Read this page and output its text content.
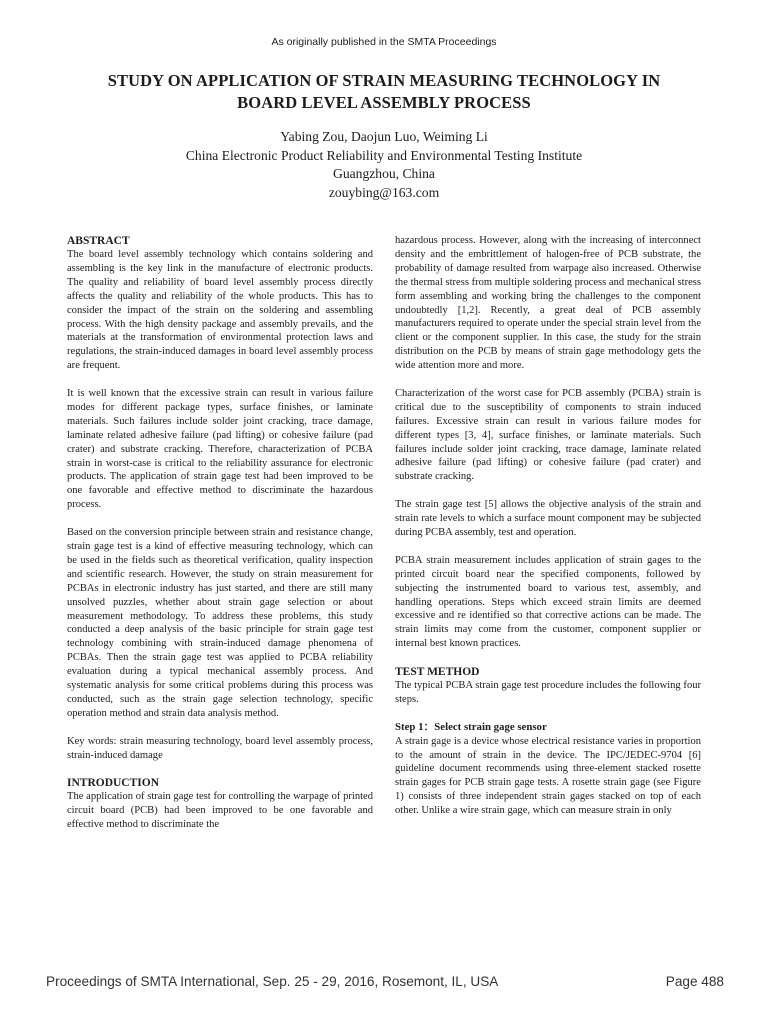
As originally published in the SMTA Proceedings
STUDY ON APPLICATION OF STRAIN MEASURING TECHNOLOGY IN
BOARD LEVEL ASSEMBLY PROCESS
Yabing Zou, Daojun Luo, Weiming Li
China Electronic Product Reliability and Environmental Testing Institute
Guangzhou, China
zouybing@163.com
ABSTRACT

The board level assembly technology which contains soldering and assembling is the key link in the manufacture of electronic products. The quality and reliability of board level assembly process directly affects the quality and reliability of the whole products. This has to consider the impact of the strain on the soldering and assembling process. With the high density package and assembly prevails, and the materials at the transformation of environmental protection laws and regulations, the strain-induced damages in board level assembly process are frequent.

It is well known that the excessive strain can result in various failure modes for different package types, surface finishes, or laminate materials. Such failures include solder joint cracking, trace damage, laminate related adhesive failure (pad lifting) or cohesive failure (pad crater) and substrate cracking. Therefore, characterization of PCBA strain in worst-case is critical to the reliability assurance for electronic products. The application of strain gage test had been improved to be one favorable and effective method to discriminate the hazardous process.

Based on the conversion principle between strain and resistance change, strain gage test is a kind of effective measuring technology, which can be used in the fields such as theoretical verification, quality inspection and scientific research. However, the study on strain measurement for PCBAs in electronic industry has just started, and there are still many unsolved puzzles, whether about strain gage selection or about measurement methodology. To address these problems, this study conducted a deep analysis of the basic principle for strain gage test technology combining with strain-induced damage phenomena of PCBAs. Then the strain gage test was applied to PCBA reliability evaluation during a typical mechanical assembly process. And systematic analysis for some critical problems during this process was conducted, such as the strain gage selection technology, specific operation method and strain data analysis method.

Key words: strain measuring technology, board level assembly process, strain-induced damage

INTRODUCTION

The application of strain gage test for controlling the warpage of printed circuit board (PCB) had been improved to be one favorable and effective method to discriminate the

hazardous process. However, along with the increasing of interconnect density and the embrittlement of halogen-free of PCB substrate, the probability of damage resulted from warpage also increased. Otherwise the thermal stress from multiple soldering process and mechanical stress form assembling and working bring the challenges to the component undoubtedly [1,2]. Recently, a great deal of PCB assembly manufacturers required to operate under the special strain level from the client or the component supplier. In this case, the study for the strain distribution on the PCB by means of strain gage methodology gets the wide attention more and more.

Characterization of the worst case for PCB assembly (PCBA) strain is critical due to the susceptibility of components to strain induced failures. Excessive strain can result in various failure modes for different types [3, 4], surface finishes, or laminate materials. Such failures include solder joint cracking, trace damage, laminate related adhesive failure (pad lifting) or cohesive failure (pad crater) and substrate cracking.

The strain gage test [5] allows the objective analysis of the strain and strain rate levels to which a surface mount component may be subjected during PCBA assembly, test and operation.

PCBA strain measurement includes application of strain gages to the printed circuit board near the specified components, followed by subjecting the instrumented board to various test, assembly, and handling operations. Steps which exceed strain limits are deemed excessive and re identified so that corrective actions can be made. The strain limits may come from the customer, component supplier or internal best known practices.

TEST METHOD

The typical PCBA strain gage test procedure includes the following four steps.

Step 1：Select strain gage sensor

A strain gage is a device whose electrical resistance varies in proportion to the amount of strain in the device. The IPC/JEDEC-9704 [6] guideline document recommends using three-element stacked rosette strain gages for PCB strain gage tests. A rosette strain gage (see Figure 1) consists of three independent strain gages stacked on top of each other. Unlike a wire strain gage, which can measure strain in only

Proceedings of SMTA International, Sep. 25 - 29, 2016, Rosemont, IL, USA	Page 488
